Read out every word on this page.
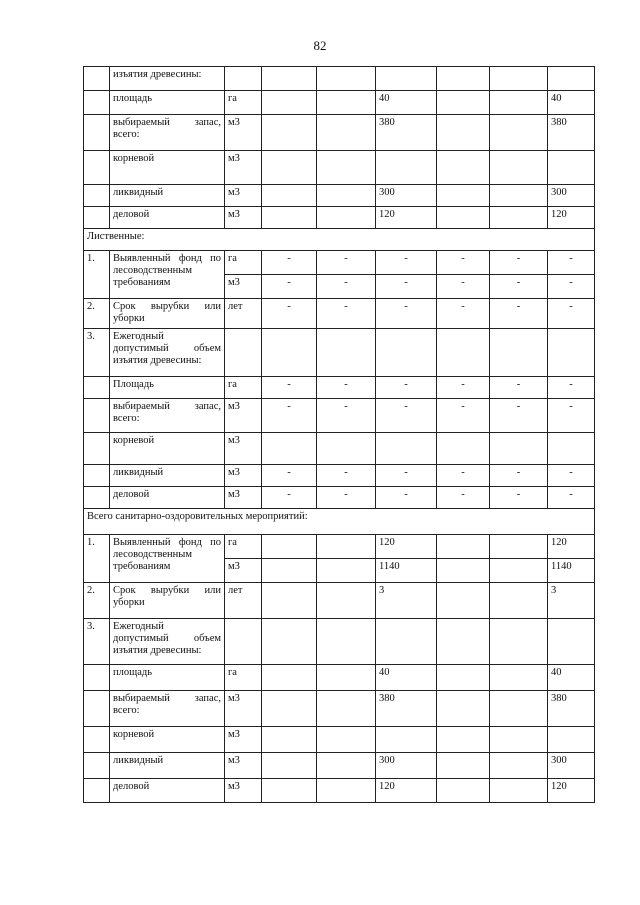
82
	изъятия древесины:							
	площадь	га			40			40
	выбираемый запас, всего:	м3			380			380
	корневой	м3						
	ликвидный	м3			300			300
	деловой	м3			120			120
Лиственные:								
1.	Выявленный фонд по лесоводственным требованиям	га	-	-	-	-	-	-
		м3	-	-	-	-	-	-
2.	Срок вырубки или уборки	лет	-	-	-	-	-	-
3.	Ежегодный допустимый объем изъятия древесины:							
	Площадь	га	-	-	-	-	-	-
	выбираемый запас, всего:	м3	-	-	-	-	-	-
	корневой	м3						
	ликвидный	м3	-	-	-	-	-	-
	деловой	м3	-	-	-	-	-	-
Всего санитарно-оздоровительных мероприятий:								
1.	Выявленный фонд по лесоводственным требованиям	га			120			120
		м3			1140			1140
2.	Срок вырубки или уборки	лет			3			3
3.	Ежегодный допустимый объем изъятия древесины:							
	площадь	га			40			40
	выбираемый запас, всего:	м3			380			380
	корневой	м3						
	ликвидный	м3			300			300
	деловой	м3			120			120
